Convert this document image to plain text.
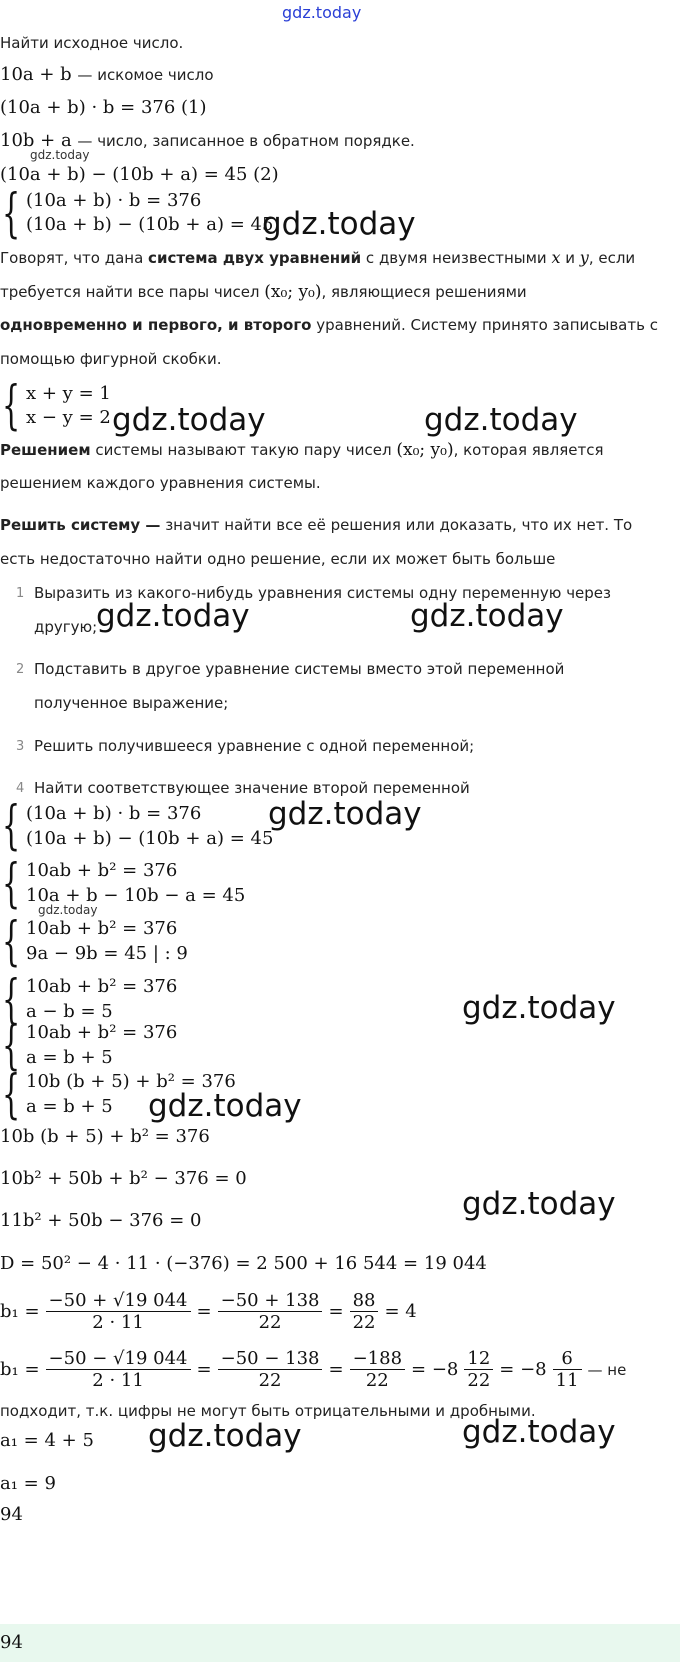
gdz.today
Найти исходное число.
10a + b — искомое число
(10a + b) · b = 376 (1)
10b + a — число, записанное в обратном порядке.
gdz.today
(10a + b) − (10b + a) = 45 (2)
{ (10a + b) · b = 376
(10a + b) − (10b + a) = 45
gdz.today
Говорят, что дана система двух уравнений с двумя неизвестными x и y, если
требуется найти все пары чисел (x₀; y₀), являющиеся решениями
одновременно и первого, и второго уравнений. Систему принято записывать с
помощью фигурной скобки.
{ x + y = 1
x − y = 2 gdz.today	gdz.today
Решением системы называют такую пару чисел (x₀; y₀), которая является
решением каждого уравнения системы.
Решить систему — значит найти все её решения или доказать, что их нет. То
есть недостаточно найти одно решение, если их может быть больше
1 Выразить из какого-нибудь уравнения системы одну переменную через
другую;
gdz.today	gdz.today
2 Подставить в другое уравнение системы вместо этой переменной
полученное выражение;
3 Решить получившееся уравнение с одной переменной;
4 Найти соответствующее значение второй переменной
{ (10a + b) · b = 376
(10a + b) − (10b + a) = 45
gdz.today
{ 10ab + b² = 376
10a + b − 10b − a = 45
gdz.today
{ 10ab + b² = 376
9a − 9b = 45 | : 9
{ 10ab + b² = 376
a − b = 5	gdz.today
{ 10ab + b² = 376
a = b + 5
{ 10b (b + 5) + b² = 376
a = b + 5 gdz.today
10b (b + 5) + b² = 376
10b² + 50b + b² − 376 = 0
gdz.today
11b² + 50b − 376 = 0
D = 50² − 4 · 11 · (−376) = 2 500 + 16 544 = 19 044
$b_1 = \frac{-50 + √19 044}{2 \cdot 11} = \frac{-50 + 138}{22} = \frac{88}{22} = 4$
$b_1 = \frac{-50 - √19 044}{2 \cdot 11} = \frac{-50 - 138}{22} = \frac{-188}{22} = -8 \frac{12}{22} = -8 \frac{6}{11}$ — не
подходит, т.к. цифры не могут быть отрицательными и дробными.
a₁ = 4 + 5 gdz.today	gdz.today
a₁ = 9
94
94
